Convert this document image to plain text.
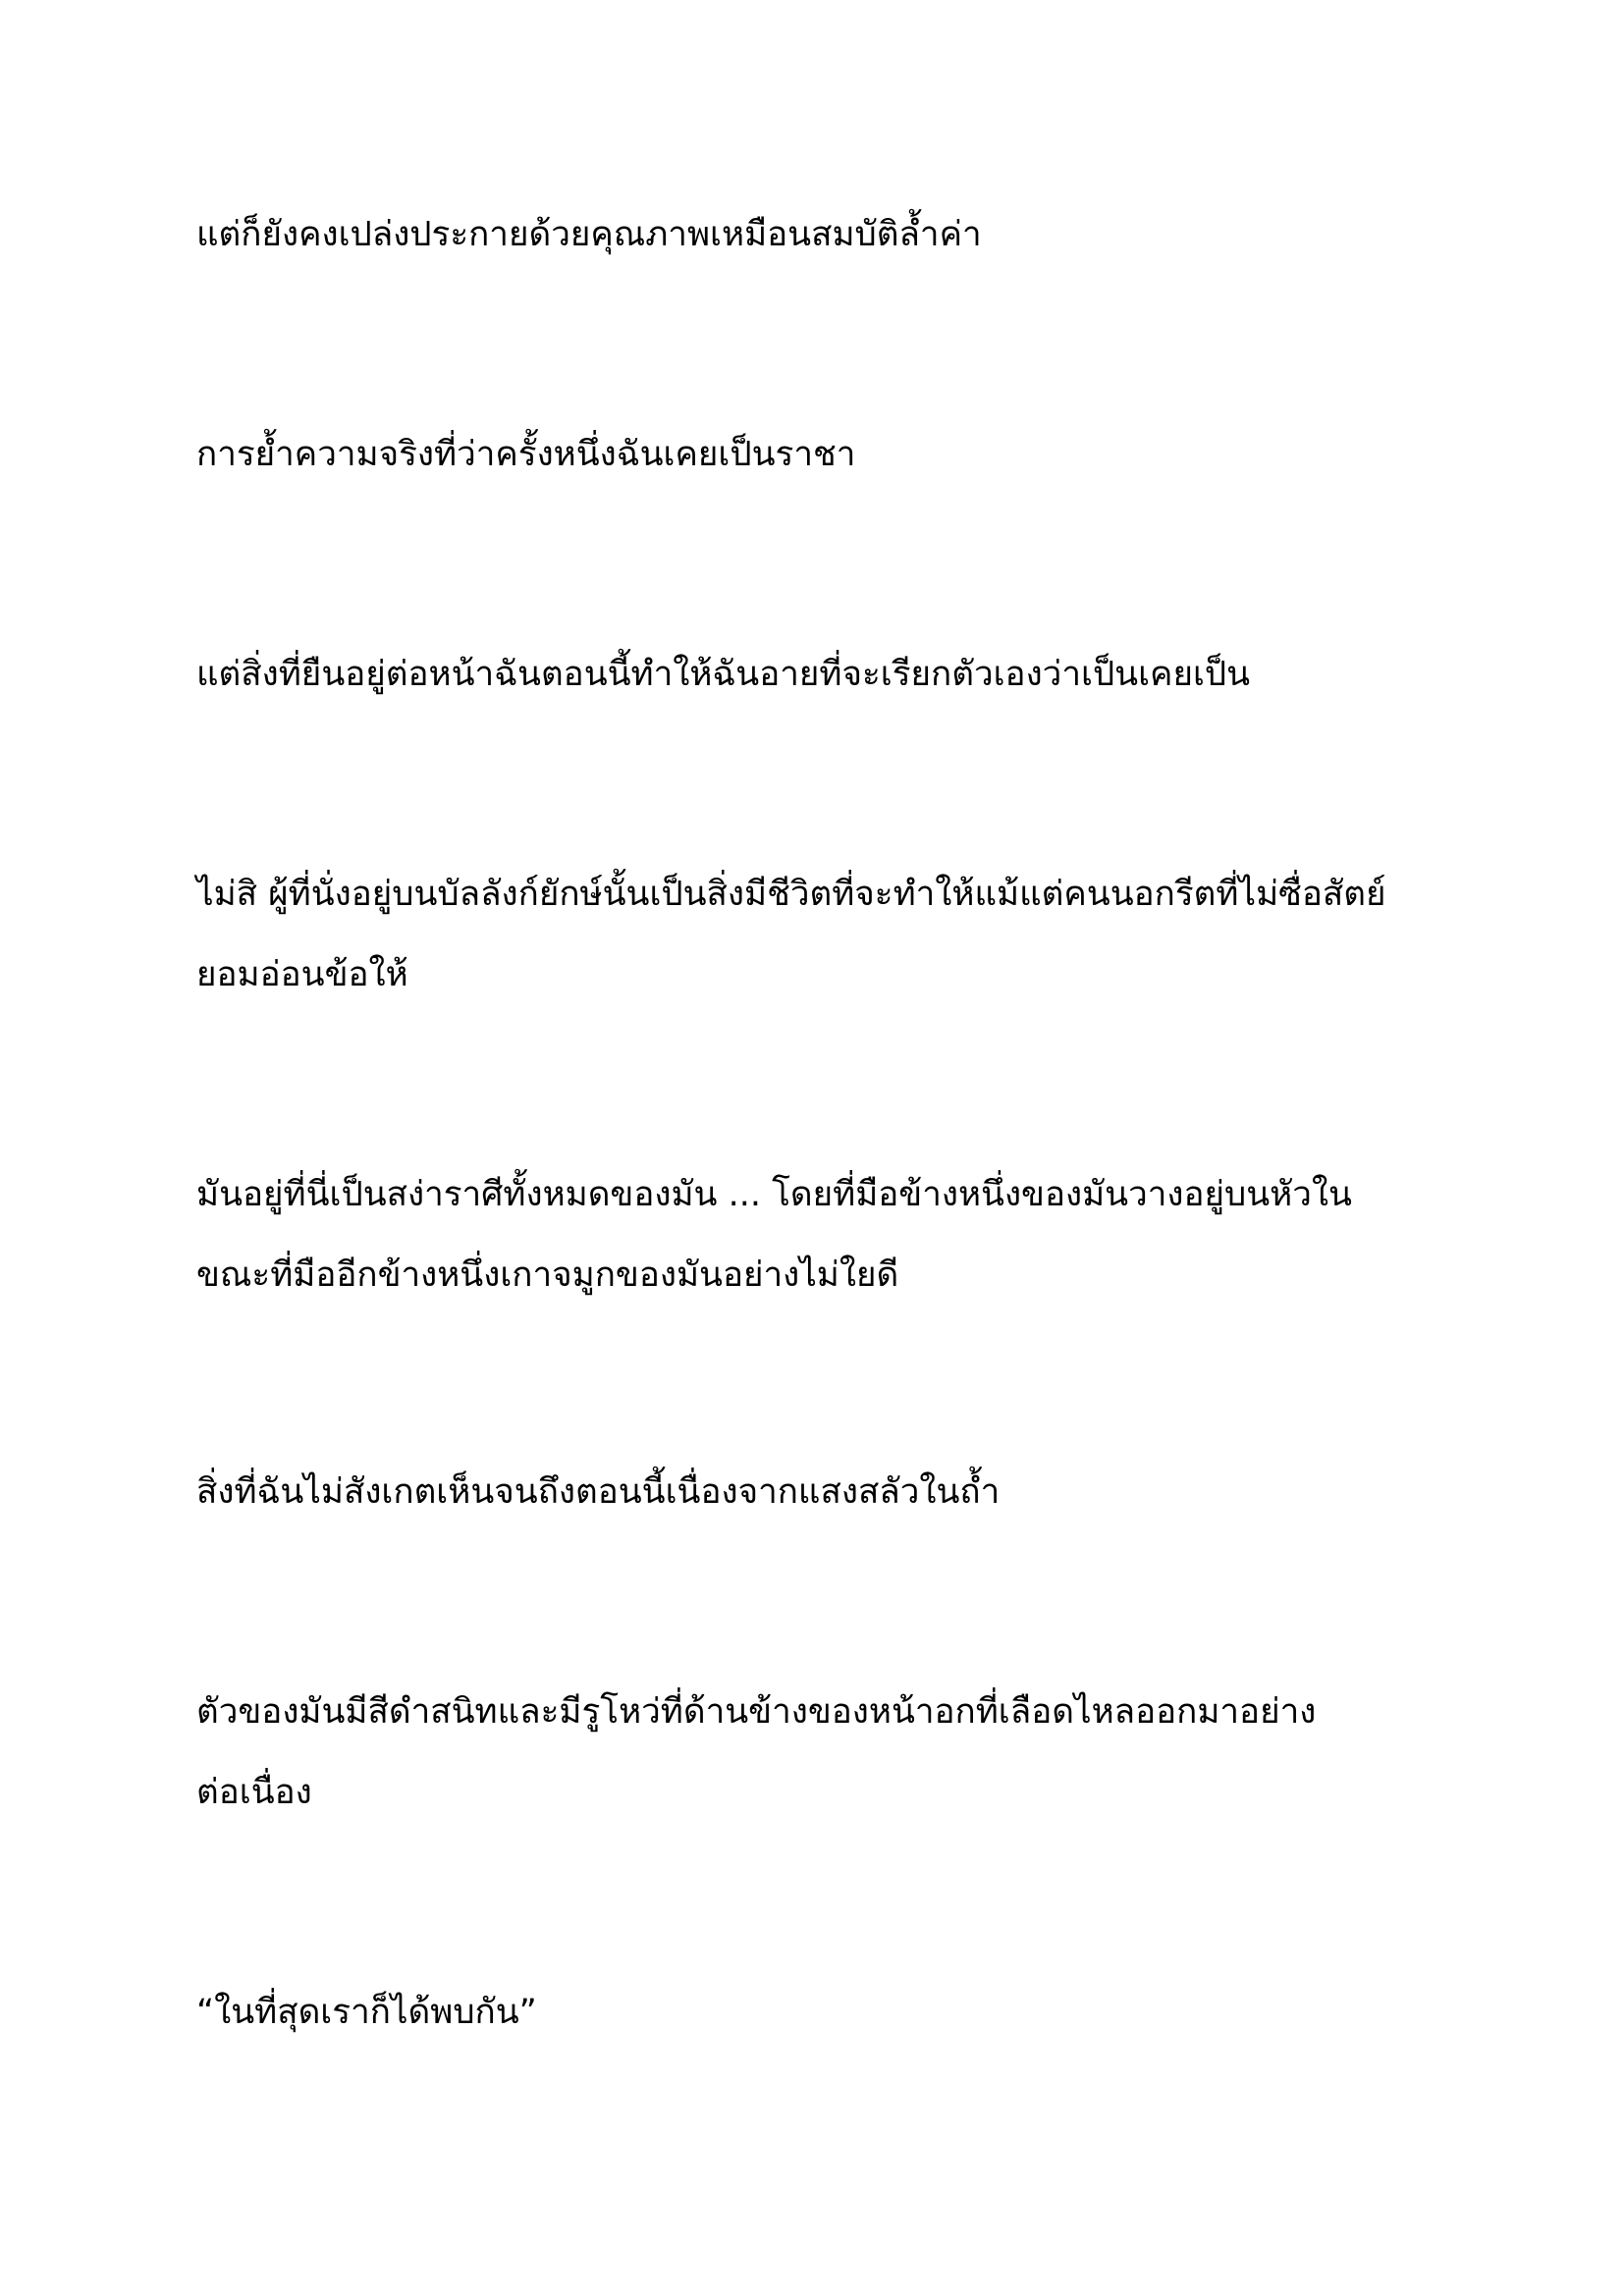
แต่ก็ยังคงเปล่งประกายด้วยคุณภาพเหมือนสมบัติล้ำค่า

การย้ำความจริงที่ว่าครั้งหนึ่งฉันเคยเป็นราชา

แต่สิ่งที่ยืนอยู่ต่อหน้าฉันตอนนี้ทำให้ฉันอายที่จะเรียกตัวเองว่าเป็นเคยเป็น

ไม่สิ ผู้ที่นั่งอยู่บนบัลลังก์ยักษ์นั้นเป็นสิ่งมีชีวิตที่จะทำให้แม้แต่คนนอกรีตที่ไม่ซื่อสัตย์
ยอมอ่อนข้อให้

มันอยู่ที่นี่เป็นสง่าราศีทั้งหมดของมัน ... โดยที่มือข้างหนึ่งของมันวางอยู่บนหัวใน
ขณะที่มืออีกข้างหนึ่งเกาจมูกของมันอย่างไม่ใยดี

สิ่งที่ฉันไม่สังเกตเห็นจนถึงตอนนี้เนื่องจากแสงสลัวในถ้ำ

ตัวของมันมีสีดำสนิทและมีรูโหว่ที่ด้านข้างของหน้าอกที่เลือดไหลออกมาอย่าง
ต่อเนื่อง

“ในที่สุดเราก็ได้พบกัน”
